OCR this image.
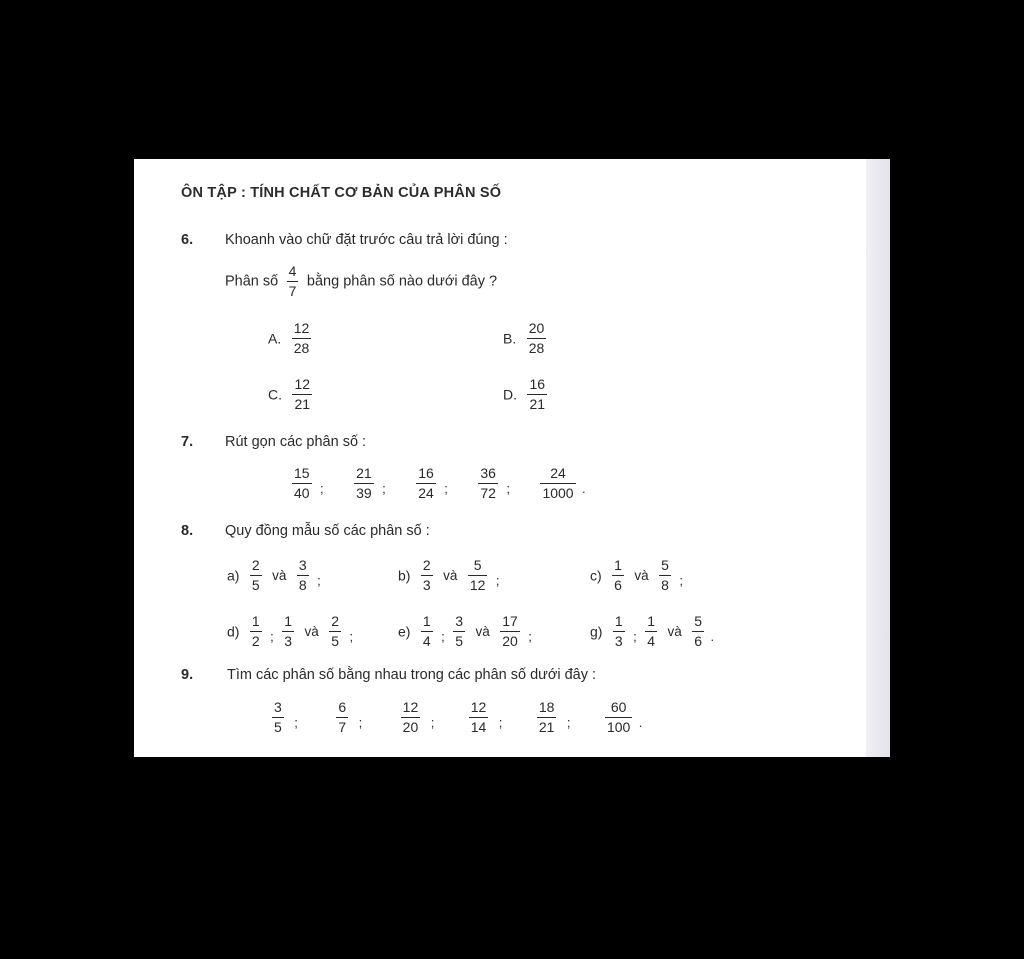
ÔN TẬP : TÍNH CHẤT CƠ BẢN CỦA PHÂN SỐ
6. Khoanh vào chữ đặt trước câu trả lời đúng :
Phân số $\frac{4}{7}$ bằng phân số nào dưới đây ?
A. $\frac{12}{28}$	B. $\frac{20}{28}$
C. $\frac{12}{21}$	D. $\frac{16}{21}$
7. Rút gọn các phân số :
$\frac{15}{40}$ ; $\frac{21}{39}$ ; $\frac{16}{24}$ ; $\frac{36}{72}$ ; $\frac{24}{1000}$ .
8. Quy đồng mẫu số các phân số :
$a) \frac{2}{5}$ và $\frac{3}{8}$ ;	$b) \frac{2}{3}$ và $\frac{5}{12}$ ;	$c) \frac{1}{6}$ và $\frac{5}{8}$ ;
$d) \frac{1}{2}$ ; $\frac{1}{3}$ và $\frac{2}{5}$ ;	$e) \frac{1}{4}$ ; $\frac{3}{5}$ và $\frac{17}{20}$ ;	$g) \frac{1}{3}$ ; $\frac{1}{4}$ và $\frac{5}{6}$ .
9. Tìm các phân số bằng nhau trong các phân số dưới đây :
$\frac{3}{5}$ ;	$\frac{6}{7}$ ;	$\frac{12}{20}$ ; $\frac{12}{14}$ ; $\frac{18}{21}$ ; $\frac{60}{100}$ .
